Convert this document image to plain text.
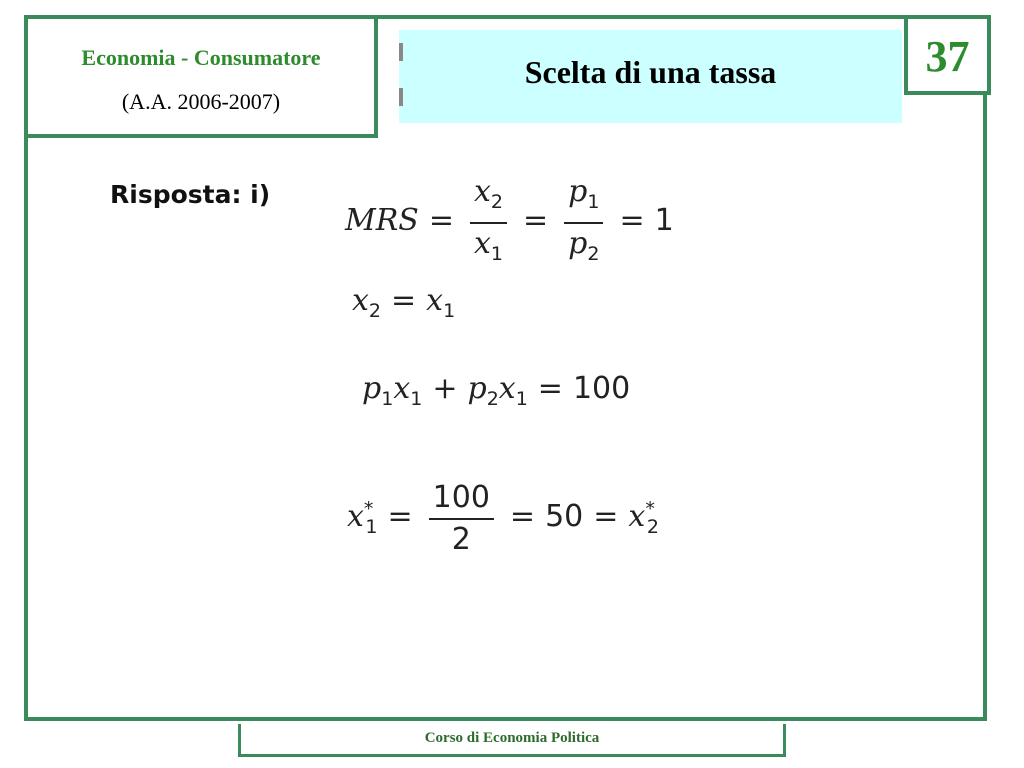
Economia - Consumatore
(A.A. 2006-2007)
Scelta di una tassa	37
Risposta: i)
MRS = $\frac{x_2}{x_1} = \frac{p_1}{p_2} = 1$
$x_2 = x_1$
$p_1x_1 + p_2x_1 = 100$
$x^*_1 = \frac{100}{2} = 50 = x^*_2$
Corso di Economia Politica
